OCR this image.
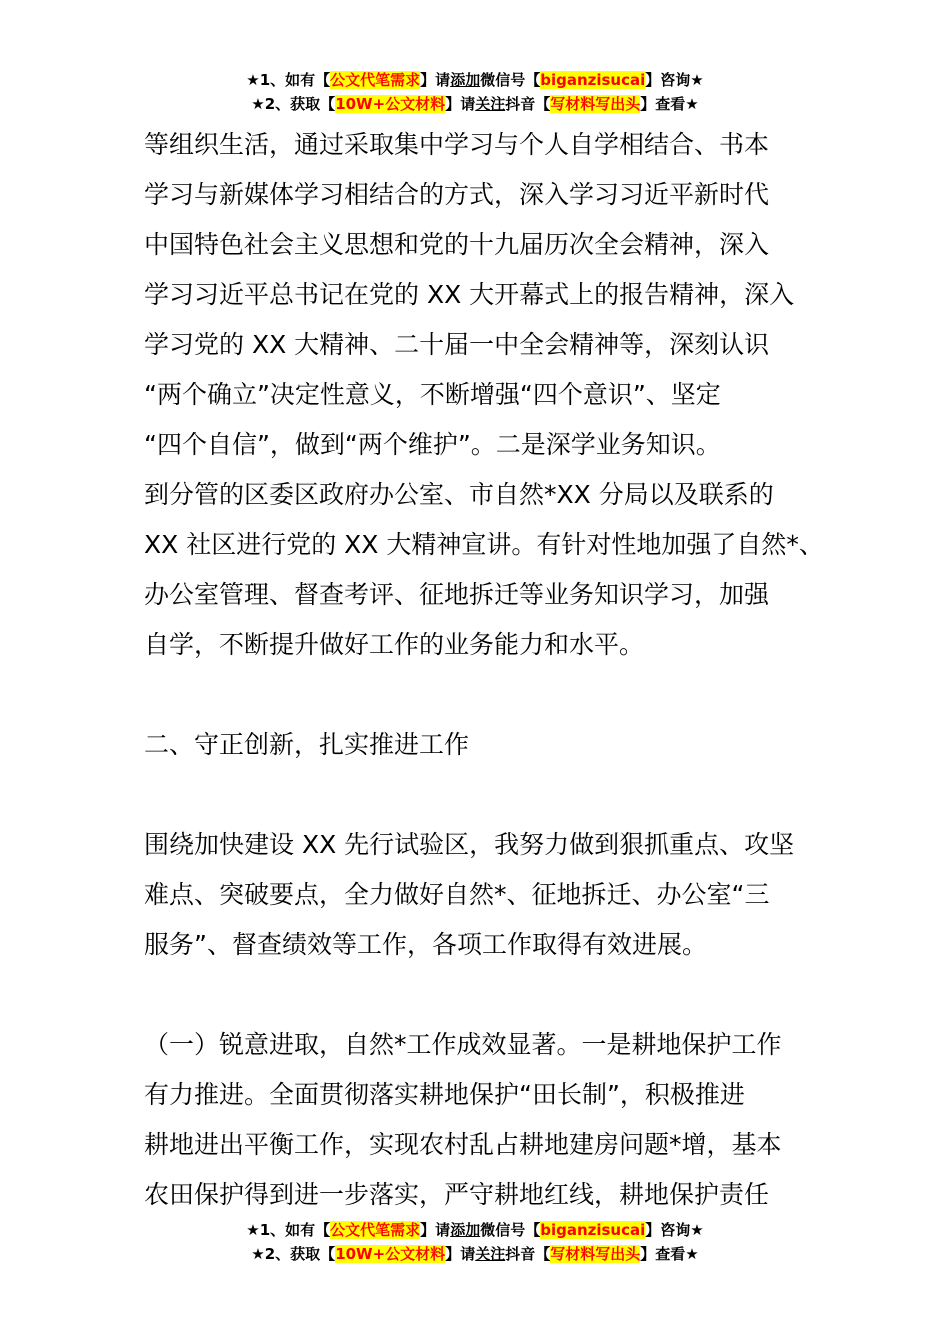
★1、如有【公文代笔需求】请添加微信号【biganzisucai】咨询★
★2、获取【10W+公文材料】请关注抖音【写材料写出头】查看★
等组织生活，通过采取集中学习与个人自学相结合、书本
学习与新媒体学习相结合的方式，深入学习习近平新时代
中国特色社会主义思想和党的十九届历次全会精神，深入
学习习近平总书记在党的 XX 大开幕式上的报告精神，深入
学习党的 XX 大精神、二十届一中全会精神等，深刻认识
“两个确立”决定性意义，不断增强“四个意识”、坚定
“四个自信”，做到“两个维护”。二是深学业务知识。
到分管的区委区政府办公室、市自然*XX 分局以及联系的
XX 社区进行党的 XX 大精神宣讲。有针对性地加强了自然*、
办公室管理、督查考评、征地拆迁等业务知识学习，加强
自学，不断提升做好工作的业务能力和水平。
二、守正创新，扎实推进工作
围绕加快建设 XX 先行试验区，我努力做到狠抓重点、攻坚
难点、突破要点，全力做好自然*、征地拆迁、办公室“三
服务”、督查绩效等工作，各项工作取得有效进展。
（一）锐意进取，自然*工作成效显著。一是耕地保护工作
有力推进。全面贯彻落实耕地保护“田长制”，积极推进
耕地进出平衡工作，实现农村乱占耕地建房问题*增，基本
农田保护得到进一步落实，严守耕地红线，耕地保护责任
★1、如有【公文代笔需求】请添加微信号【biganzisucai】咨询★
★2、获取【10W+公文材料】请关注抖音【写材料写出头】查看★
